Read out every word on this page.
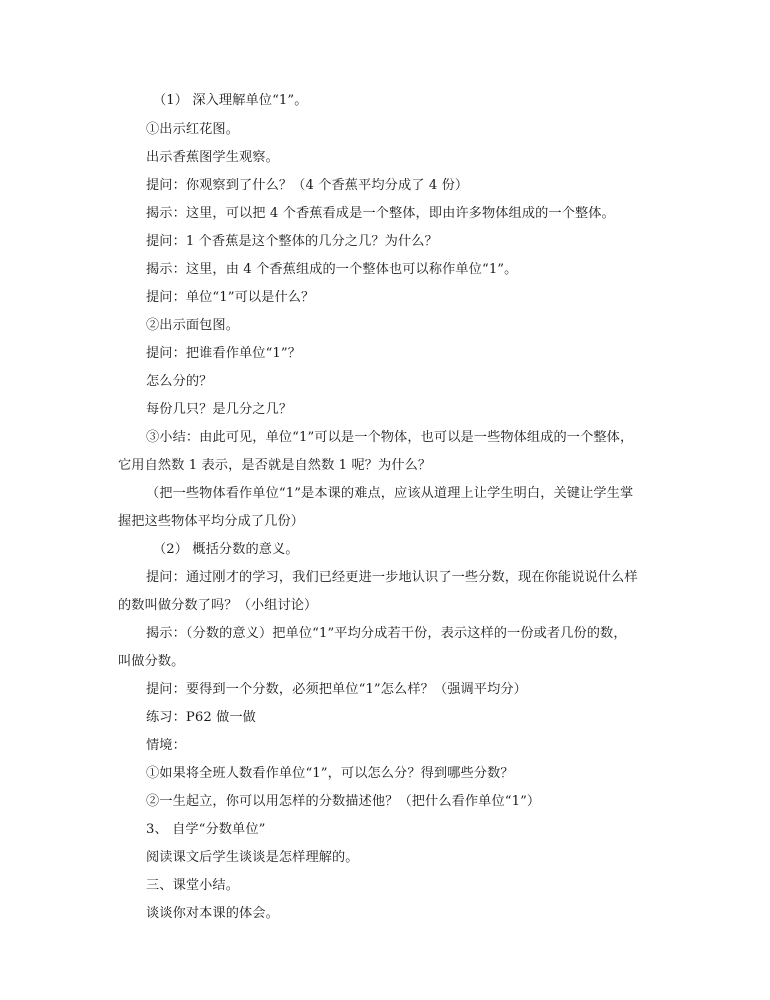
（1） 深入理解单位“1”。
①出示红花图。
出示香蕉图学生观察。
提问：你观察到了什么？（4 个香蕉平均分成了 4 份）
揭示：这里，可以把 4 个香蕉看成是一个整体，即由许多物体组成的一个整体。
提问：1 个香蕉是这个整体的几分之几？为什么？
揭示：这里，由 4 个香蕉组成的一个整体也可以称作单位“1”。
提问：单位“1”可以是什么？
②出示面包图。
提问：把谁看作单位“1”？
怎么分的？
每份几只？是几分之几？
③小结：由此可见，单位“1”可以是一个物体，也可以是一些物体组成的一个整体，
它用自然数 1 表示，是否就是自然数 1 呢？为什么？
（把一些物体看作单位“1”是本课的难点，应该从道理上让学生明白，关键让学生掌
握把这些物体平均分成了几份）
（2） 概括分数的意义。
提问：通过刚才的学习，我们已经更进一步地认识了一些分数，现在你能说说什么样
的数叫做分数了吗？（小组讨论）
揭示：（分数的意义）把单位“1”平均分成若干份，表示这样的一份或者几份的数，
叫做分数。
提问：要得到一个分数，必须把单位“1”怎么样？（强调平均分）
练习：P62 做一做
情境：
①如果将全班人数看作单位“1”，可以怎么分？得到哪些分数？
②一生起立，你可以用怎样的分数描述他？（把什么看作单位“1”）
3、 自学“分数单位”
阅读课文后学生谈谈是怎样理解的。
三、课堂小结。
谈谈你对本课的体会。
